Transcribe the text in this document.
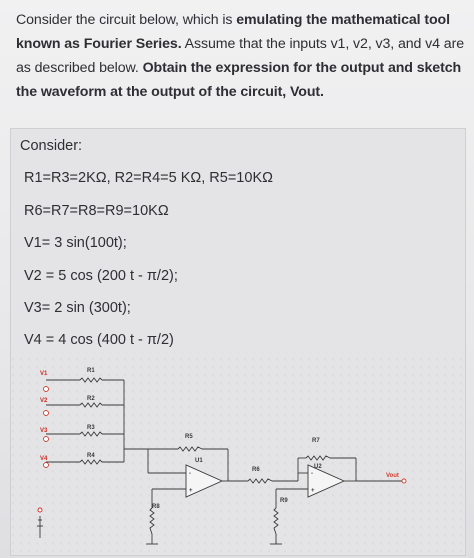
Consider the circuit below, which is emulating the mathematical tool known as Fourier Series. Assume that the inputs v1, v2, v3, and v4 are as described below. Obtain the expression for the output and sketch the waveform at the output of the circuit, Vout.
Consider:
R1=R3=2KΩ, R2=R4=5 KΩ, R5=10KΩ
R6=R7=R8=R9=10KΩ
V1= 3 sin(100t);
V2 = 5 cos (200 t - π/2);
V3= 2 sin (300t);
V4 = 4 cos (400 t - π/2)
-
+
-
+
V1
V2
V3
V4
R1
R2
R3
R4
R5
R6
R7
R8
R9
U1
U2
Vout
